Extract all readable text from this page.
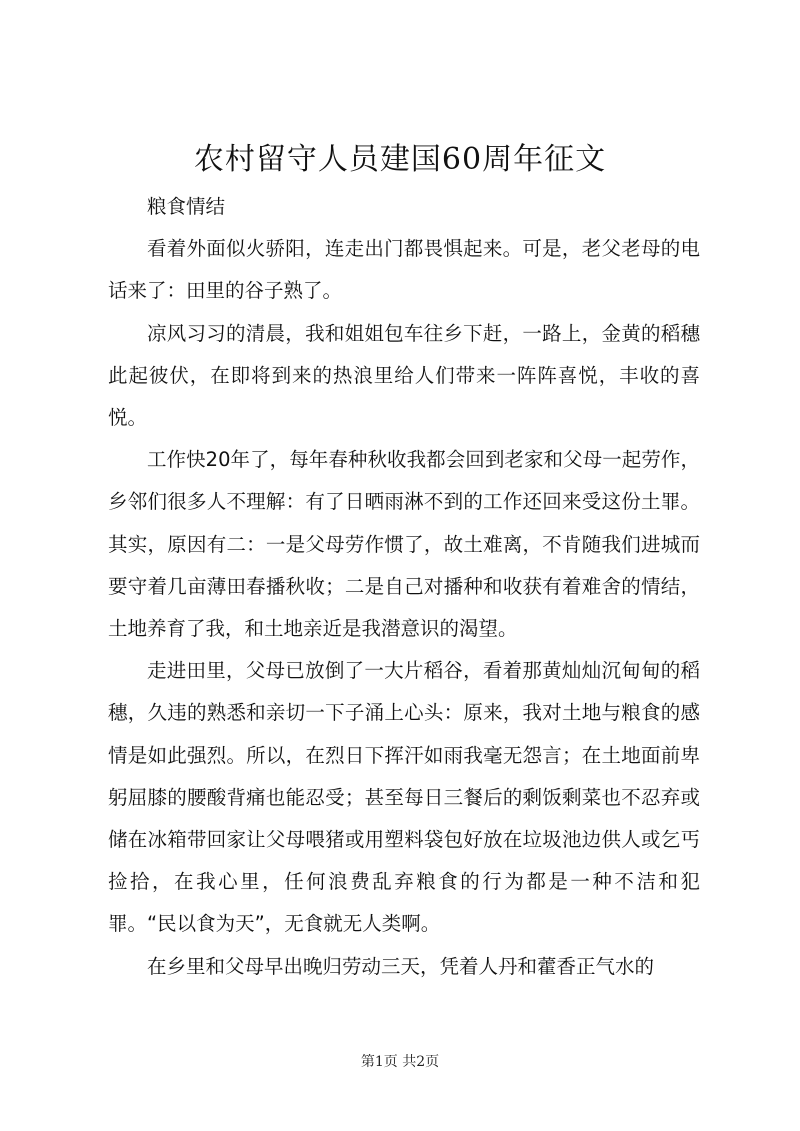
农村留守人员建国60周年征文

粮食情结

看着外面似火骄阳，连走出门都畏惧起来。可是，老父老母的电话来了：田里的谷子熟了。

凉风习习的清晨，我和姐姐包车往乡下赶，一路上，金黄的稻穗此起彼伏，在即将到来的热浪里给人们带来一阵阵喜悦，丰收的喜悦。

工作快20年了，每年春种秋收我都会回到老家和父母一起劳作，乡邻们很多人不理解：有了日晒雨淋不到的工作还回来受这份土罪。其实，原因有二：一是父母劳作惯了，故土难离，不肯随我们进城而要守着几亩薄田春播秋收；二是自己对播种和收获有着难舍的情结，土地养育了我，和土地亲近是我潜意识的渴望。

走进田里，父母已放倒了一大片稻谷，看着那黄灿灿沉甸甸的稻穗，久违的熟悉和亲切一下子涌上心头：原来，我对土地与粮食的感情是如此强烈。所以，在烈日下挥汗如雨我毫无怨言；在土地面前卑躬屈膝的腰酸背痛也能忍受；甚至每日三餐后的剩饭剩菜也不忍弃或储在冰箱带回家让父母喂猪或用塑料袋包好放在垃圾池边供人或乞丐捡拾，在我心里，任何浪费乱弃粮食的行为都是一种不洁和犯罪。“民以食为天”，无食就无人类啊。

在乡里和父母早出晚归劳动三天，凭着人丹和藿香正气水的

第1页 共2页
